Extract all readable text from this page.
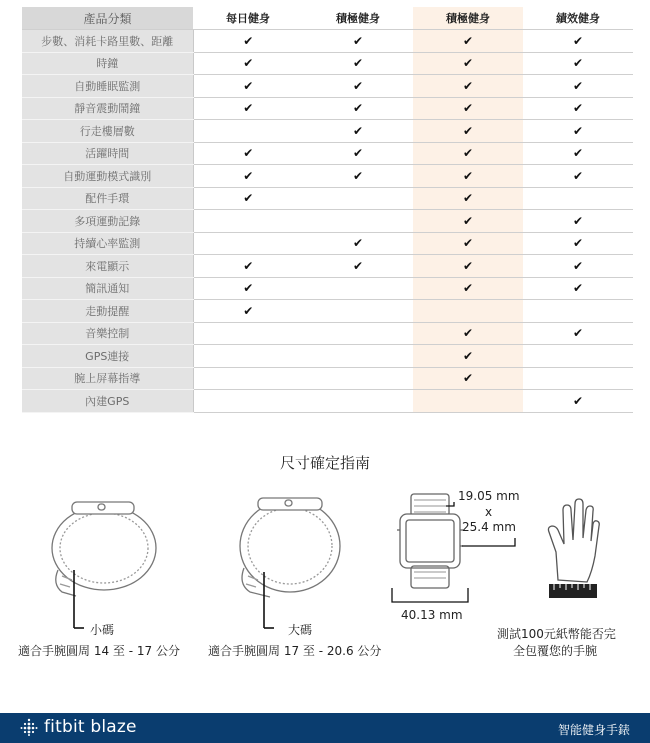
產品分類	每日健身	積極健身	積極健身	績效健身
步數、消耗卡路里數、距離	✔	✔	✔	✔
時鐘	✔	✔	✔	✔
自動睡眠監測	✔	✔	✔	✔
靜音震動鬧鐘	✔	✔	✔	✔
行走樓層數		✔	✔	✔
活躍時間	✔	✔	✔	✔
自動運動模式識別	✔	✔	✔	✔
配件手環	✔		✔	
多項運動記錄			✔	✔
持續心率監測		✔	✔	✔
來電顯示	✔	✔	✔	✔
簡訊通知	✔		✔	✔
走動提醒	✔			
音樂控制			✔	✔
GPS連接			✔	
腕上屏幕指導			✔	
內建GPS				✔
尺寸確定指南
小碼
適合手腕圓周 14 至 - 17 公分
大碼
適合手腕圓周 17 至 - 20.6 公分
19.05 mm
x
25.4 mm
40.13 mm
測試100元紙幣能否完
全包覆您的手腕
fitbit blaze	智能健身手錶
